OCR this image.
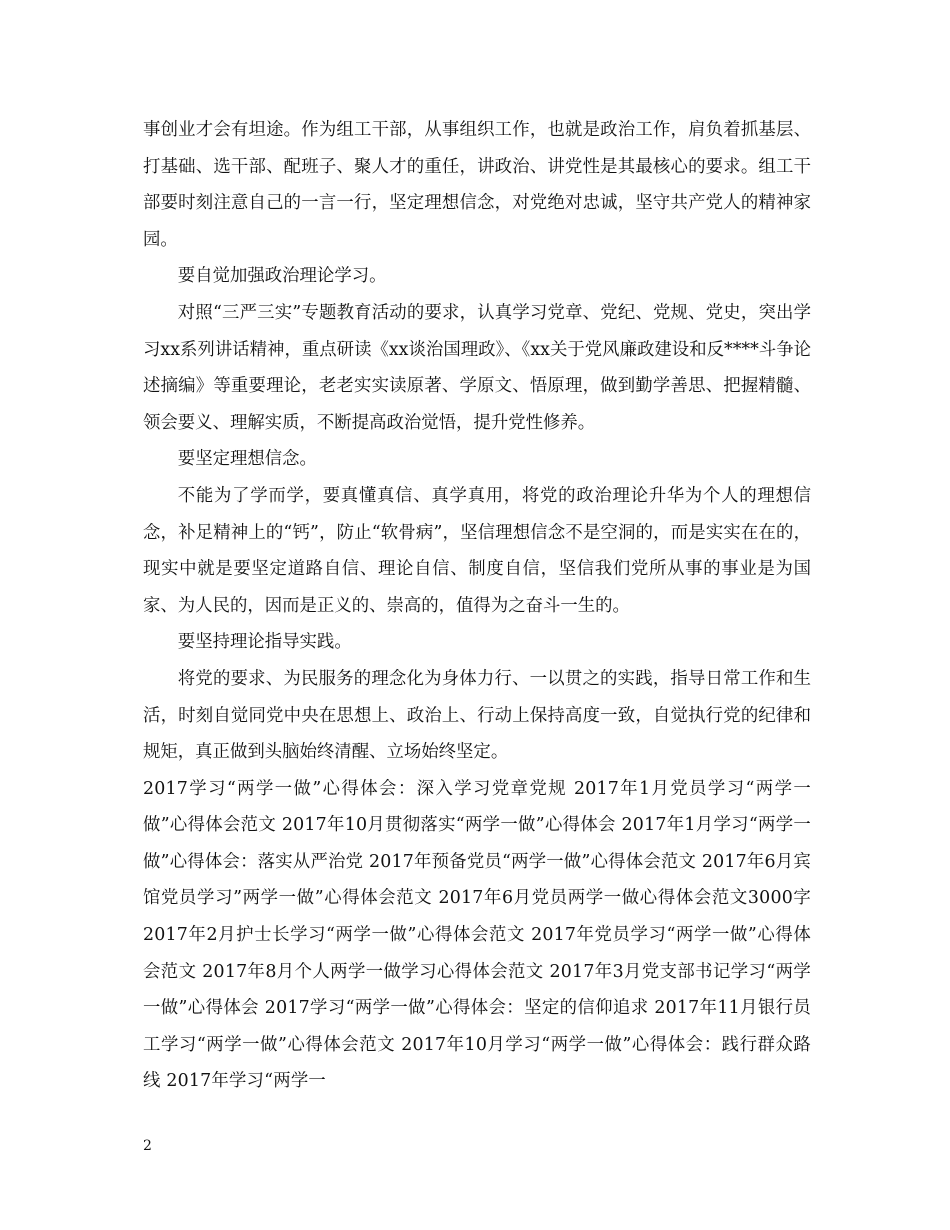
事创业才会有坦途。作为组工干部，从事组织工作，也就是政治工作，肩负着抓基层、打基础、选干部、配班子、聚人才的重任，讲政治、讲党性是其最核心的要求。组工干部要时刻注意自己的一言一行，坚定理想信念，对党绝对忠诚，坚守共产党人的精神家园。

要自觉加强政治理论学习。

对照“三严三实”专题教育活动的要求，认真学习党章、党纪、党规、党史，突出学习xx系列讲话精神，重点研读《xx谈治国理政》、《xx关于党风廉政建设和反****斗争论述摘编》等重要理论，老老实实读原著、学原文、悟原理，做到勤学善思、把握精髓、领会要义、理解实质，不断提高政治觉悟，提升党性修养。

要坚定理想信念。

不能为了学而学，要真懂真信、真学真用，将党的政治理论升华为个人的理想信念，补足精神上的“钙”，防止“软骨病”，坚信理想信念不是空洞的，而是实实在在的，现实中就是要坚定道路自信、理论自信、制度自信，坚信我们党所从事的事业是为国家、为人民的，因而是正义的、崇高的，值得为之奋斗一生的。

要坚持理论指导实践。

将党的要求、为民服务的理念化为身体力行、一以贯之的实践，指导日常工作和生活，时刻自觉同党中央在思想上、政治上、行动上保持高度一致，自觉执行党的纪律和规矩，真正做到头脑始终清醒、立场始终坚定。

2017学习“两学一做”心得体会：深入学习党章党规 2017年1月党员学习“两学一做”心得体会范文 2017年10月贯彻落实“两学一做”心得体会 2017年1月学习“两学一做”心得体会：落实从严治党 2017年预备党员“两学一做”心得体会范文 2017年6月宾馆党员学习”两学一做”心得体会范文 2017年6月党员两学一做心得体会范文3000字 2017年2月护士长学习“两学一做”心得体会范文 2017年党员学习“两学一做”心得体会范文 2017年8月个人两学一做学习心得体会范文 2017年3月党支部书记学习“两学一做”心得体会 2017学习“两学一做”心得体会：坚定的信仰追求 2017年11月银行员工学习“两学一做”心得体会范文 2017年10月学习“两学一做”心得体会：践行群众路线 2017年学习“两学一

2
